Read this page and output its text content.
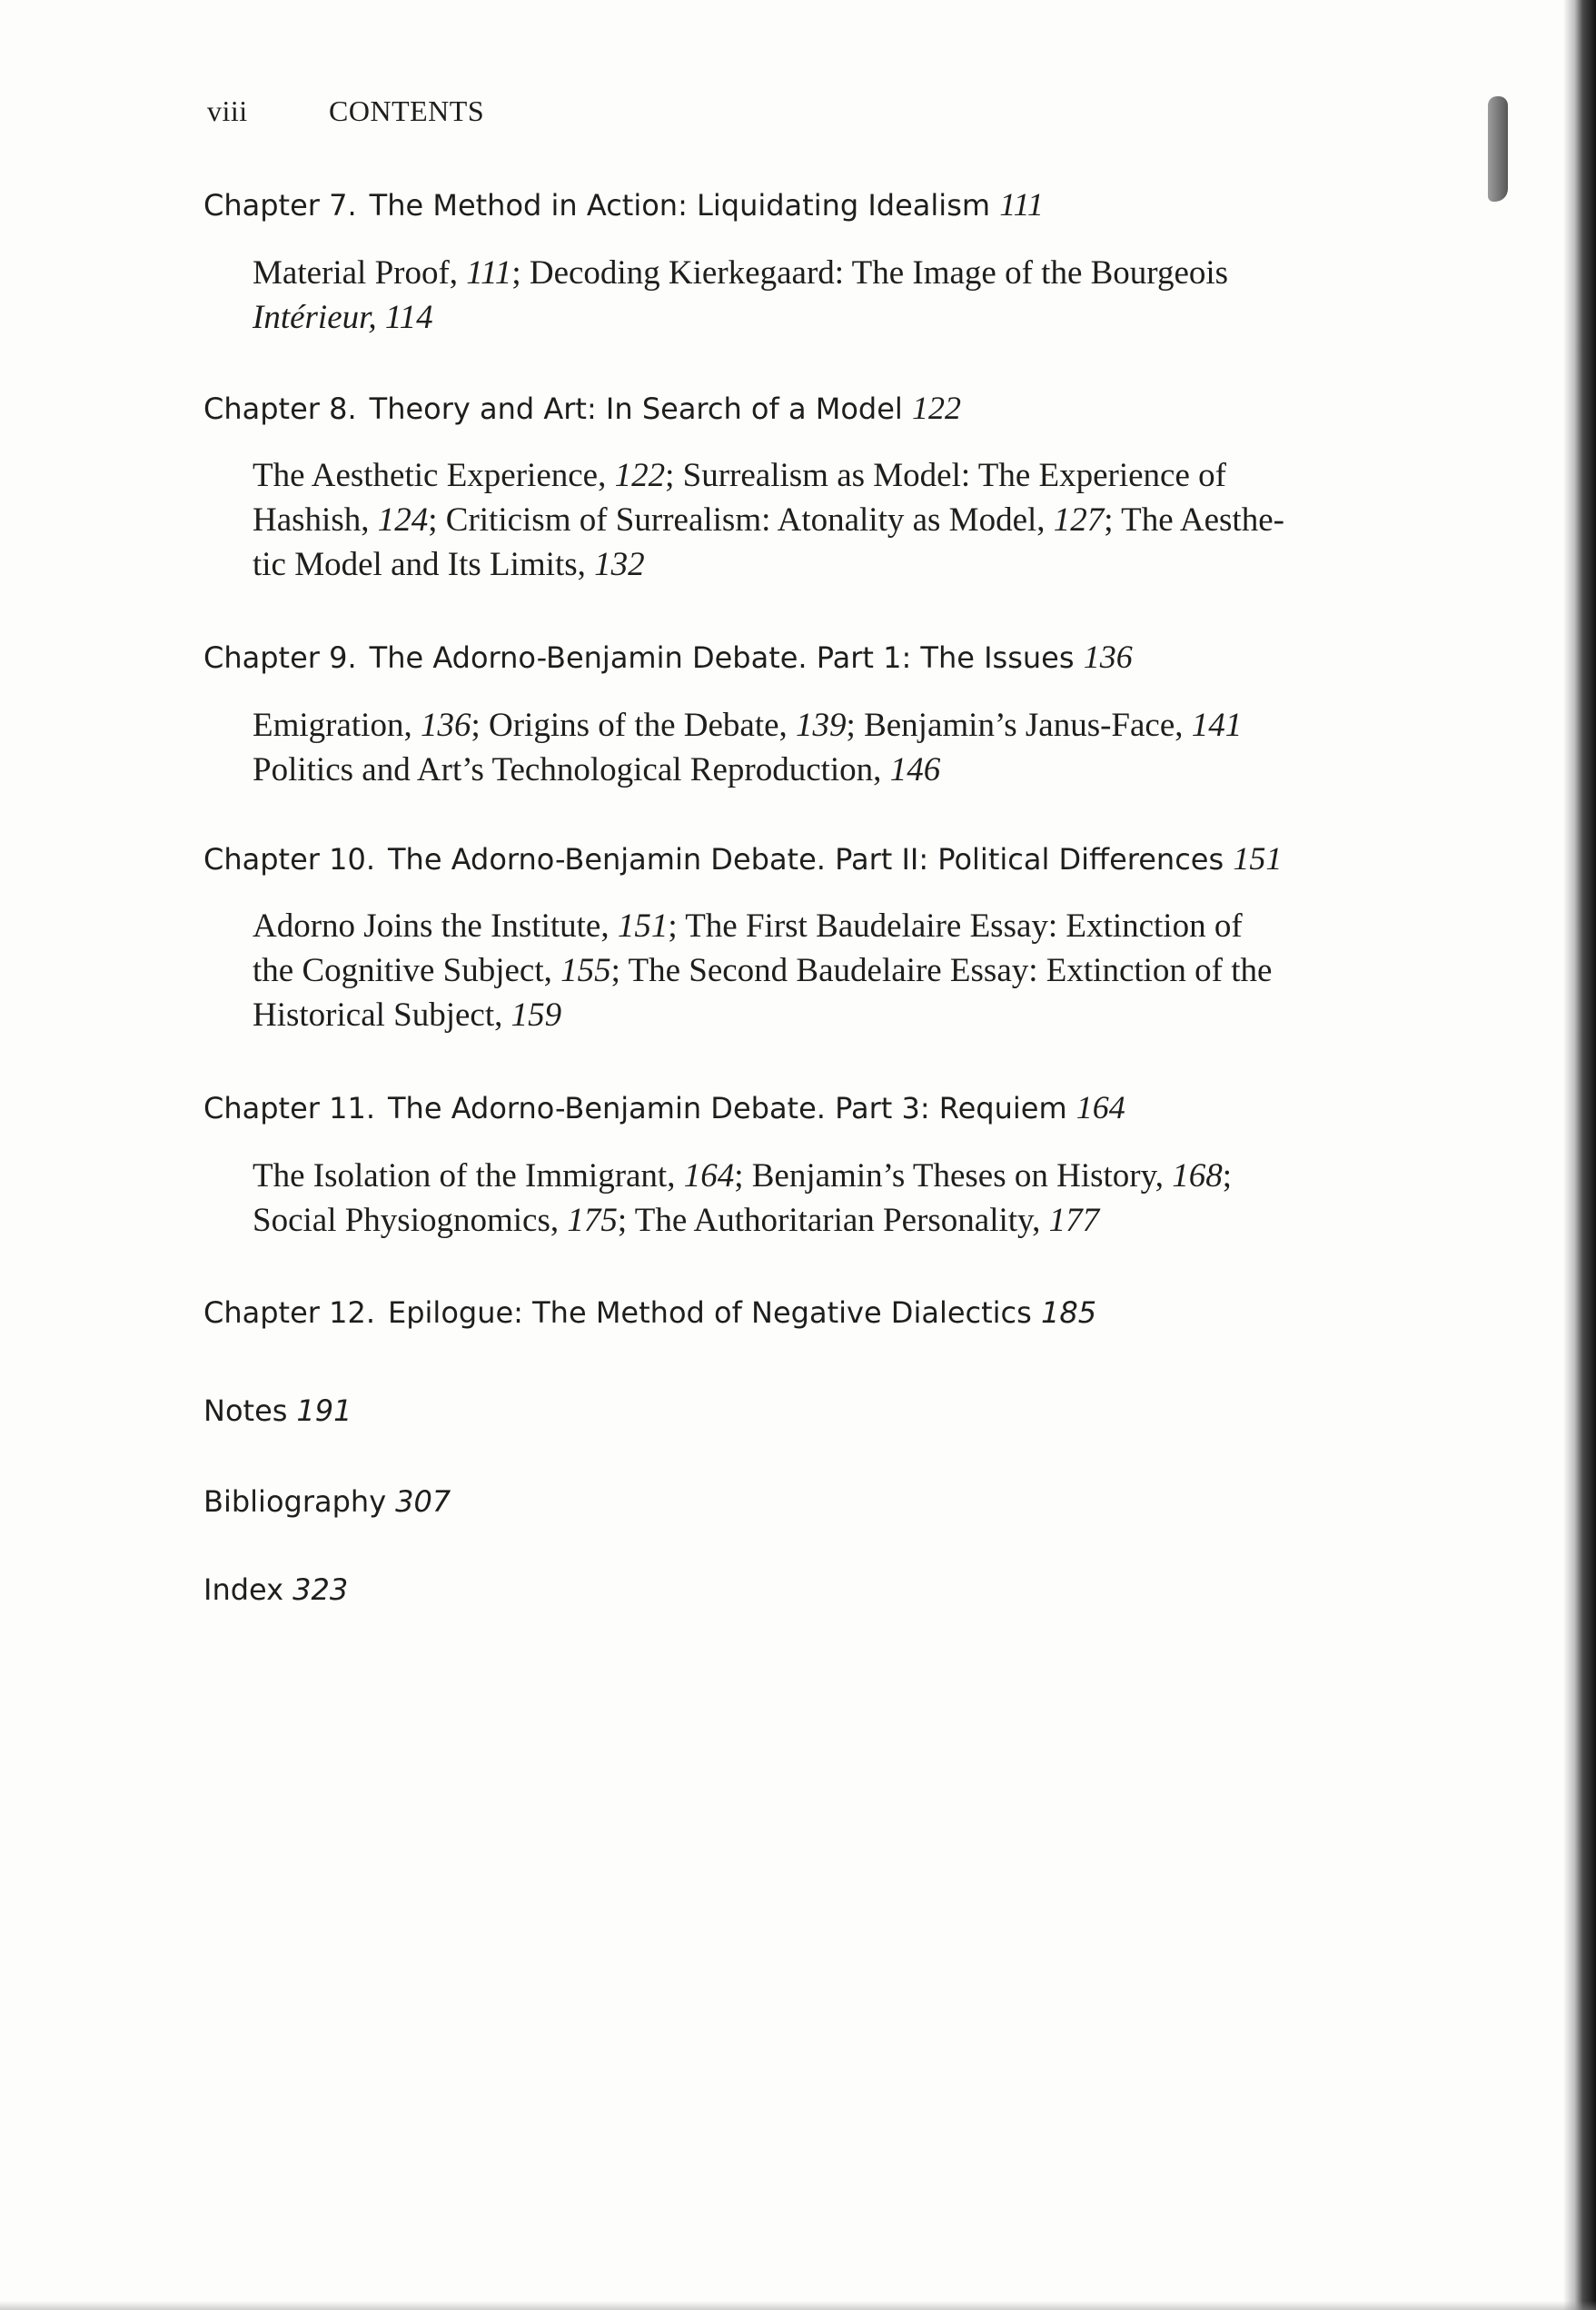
viii	CONTENTS
Chapter 7. The Method in Action: Liquidating Idealism 111
Material Proof, 111; Decoding Kierkegaard: The Image of the Bourgeois
Intérieur, 114
Chapter 8. Theory and Art: In Search of a Model 122
The Aesthetic Experience, 122; Surrealism as Model: The Experience of
Hashish, 124; Criticism of Surrealism: Atonality as Model, 127; The Aesthe-
tic Model and Its Limits, 132
Chapter 9. The Adorno-Benjamin Debate. Part 1: The Issues 136
Emigration, 136; Origins of the Debate, 139; Benjamin’s Janus-Face, 141
Politics and Art’s Technological Reproduction, 146
Chapter 10. The Adorno-Benjamin Debate. Part II: Political Differences 151
Adorno Joins the Institute, 151; The First Baudelaire Essay: Extinction of
the Cognitive Subject, 155; The Second Baudelaire Essay: Extinction of the
Historical Subject, 159
Chapter 11. The Adorno-Benjamin Debate. Part 3: Requiem 164
The Isolation of the Immigrant, 164; Benjamin’s Theses on History, 168;
Social Physiognomics, 175; The Authoritarian Personality, 177
Chapter 12. Epilogue: The Method of Negative Dialectics 185
Notes 191
Bibliography 307
Index 323
